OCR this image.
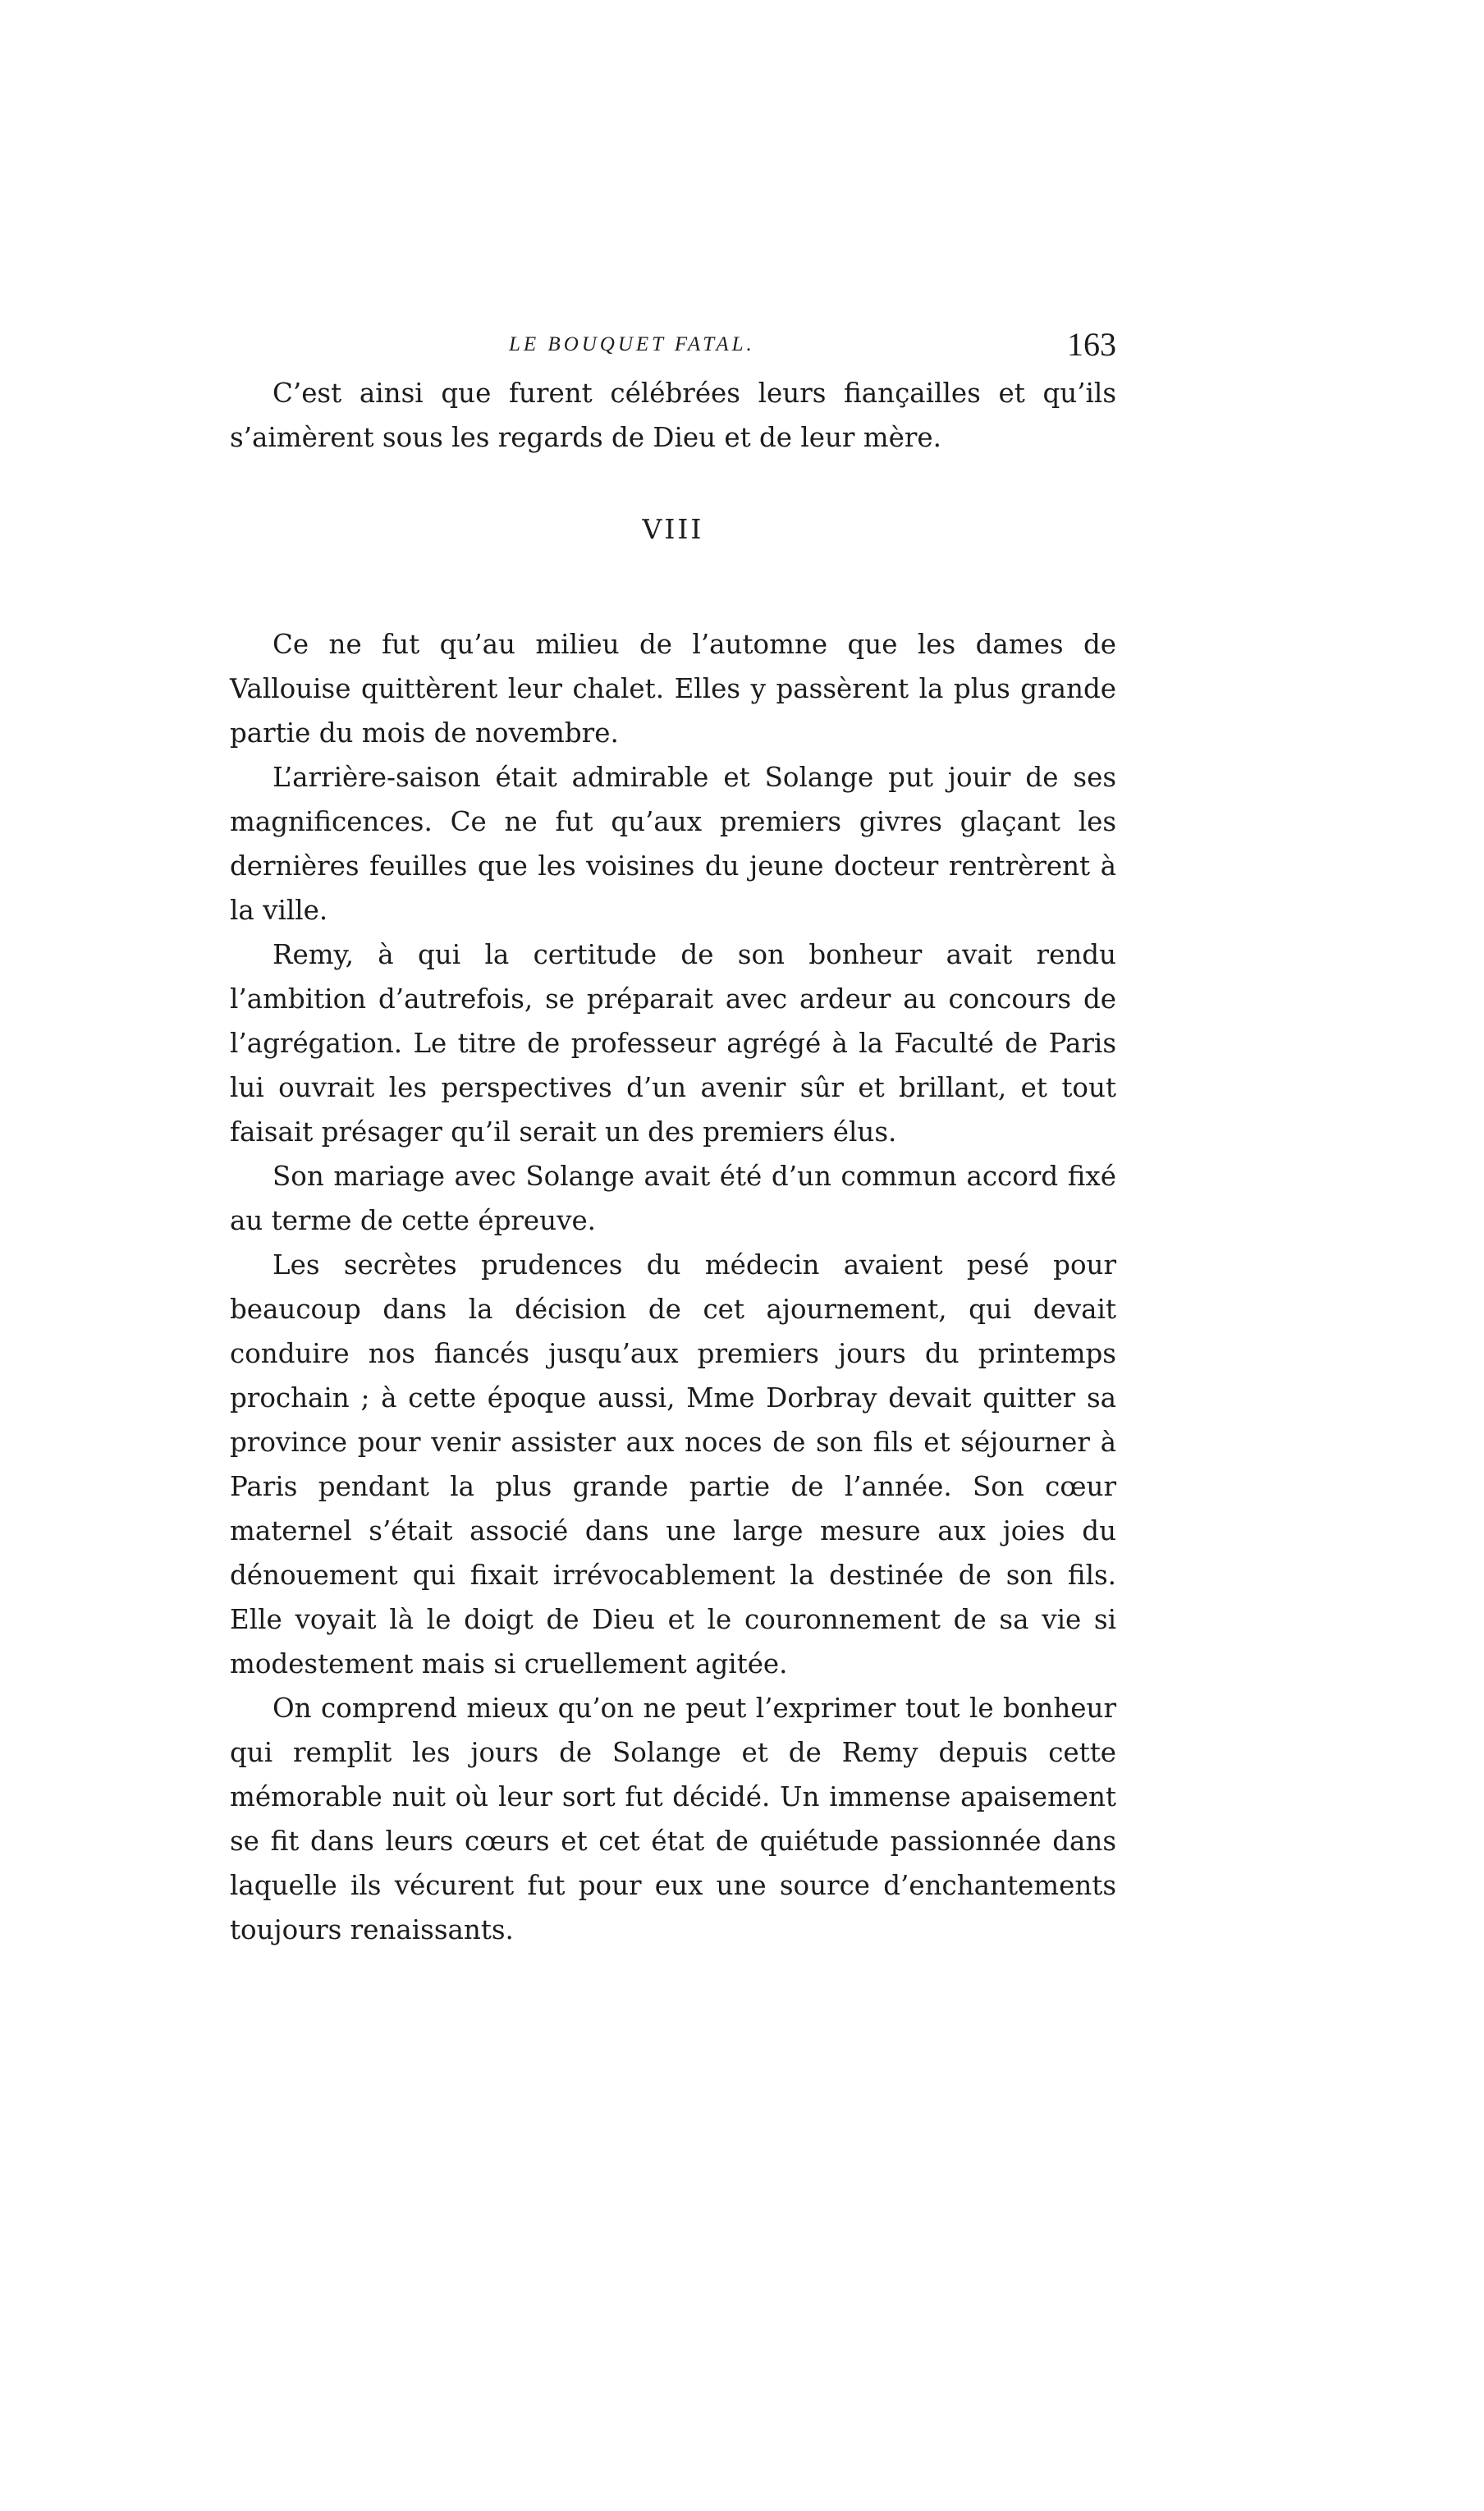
LE BOUQUET FATAL.	163

C’est ainsi que furent célébrées leurs fiançailles et qu’ils s’aimèrent sous les regards de Dieu et de leur mère.

VIII

Ce ne fut qu’au milieu de l’automne que les dames de Vallouise quittèrent leur chalet. Elles y passèrent la plus grande partie du mois de novembre.

L’arrière-saison était admirable et Solange put jouir de ses magnificences. Ce ne fut qu’aux premiers givres glaçant les dernières feuilles que les voisines du jeune docteur rentrèrent à la ville.

Remy, à qui la certitude de son bonheur avait rendu l’ambition d’autrefois, se préparait avec ardeur au concours de l’agrégation. Le titre de professeur agrégé à la Faculté de Paris lui ouvrait les perspectives d’un avenir sûr et brillant, et tout faisait présager qu’il serait un des premiers élus.

Son mariage avec Solange avait été d’un commun accord fixé au terme de cette épreuve.

Les secrètes prudences du médecin avaient pesé pour beaucoup dans la décision de cet ajournement, qui devait conduire nos fiancés jusqu’aux premiers jours du printemps prochain ; à cette époque aussi, Mme Dorbray devait quitter sa province pour venir assister aux noces de son fils et séjourner à Paris pendant la plus grande partie de l’année. Son cœur maternel s’était associé dans une large mesure aux joies du dénouement qui fixait irrévocablement la destinée de son fils. Elle voyait là le doigt de Dieu et le couronnement de sa vie si modestement mais si cruellement agitée.

On comprend mieux qu’on ne peut l’exprimer tout le bonheur qui remplit les jours de Solange et de Remy depuis cette mémorable nuit où leur sort fut décidé. Un immense apaisement se fit dans leurs cœurs et cet état de quiétude passionnée dans laquelle ils vécurent fut pour eux une source d’enchantements toujours renaissants.
